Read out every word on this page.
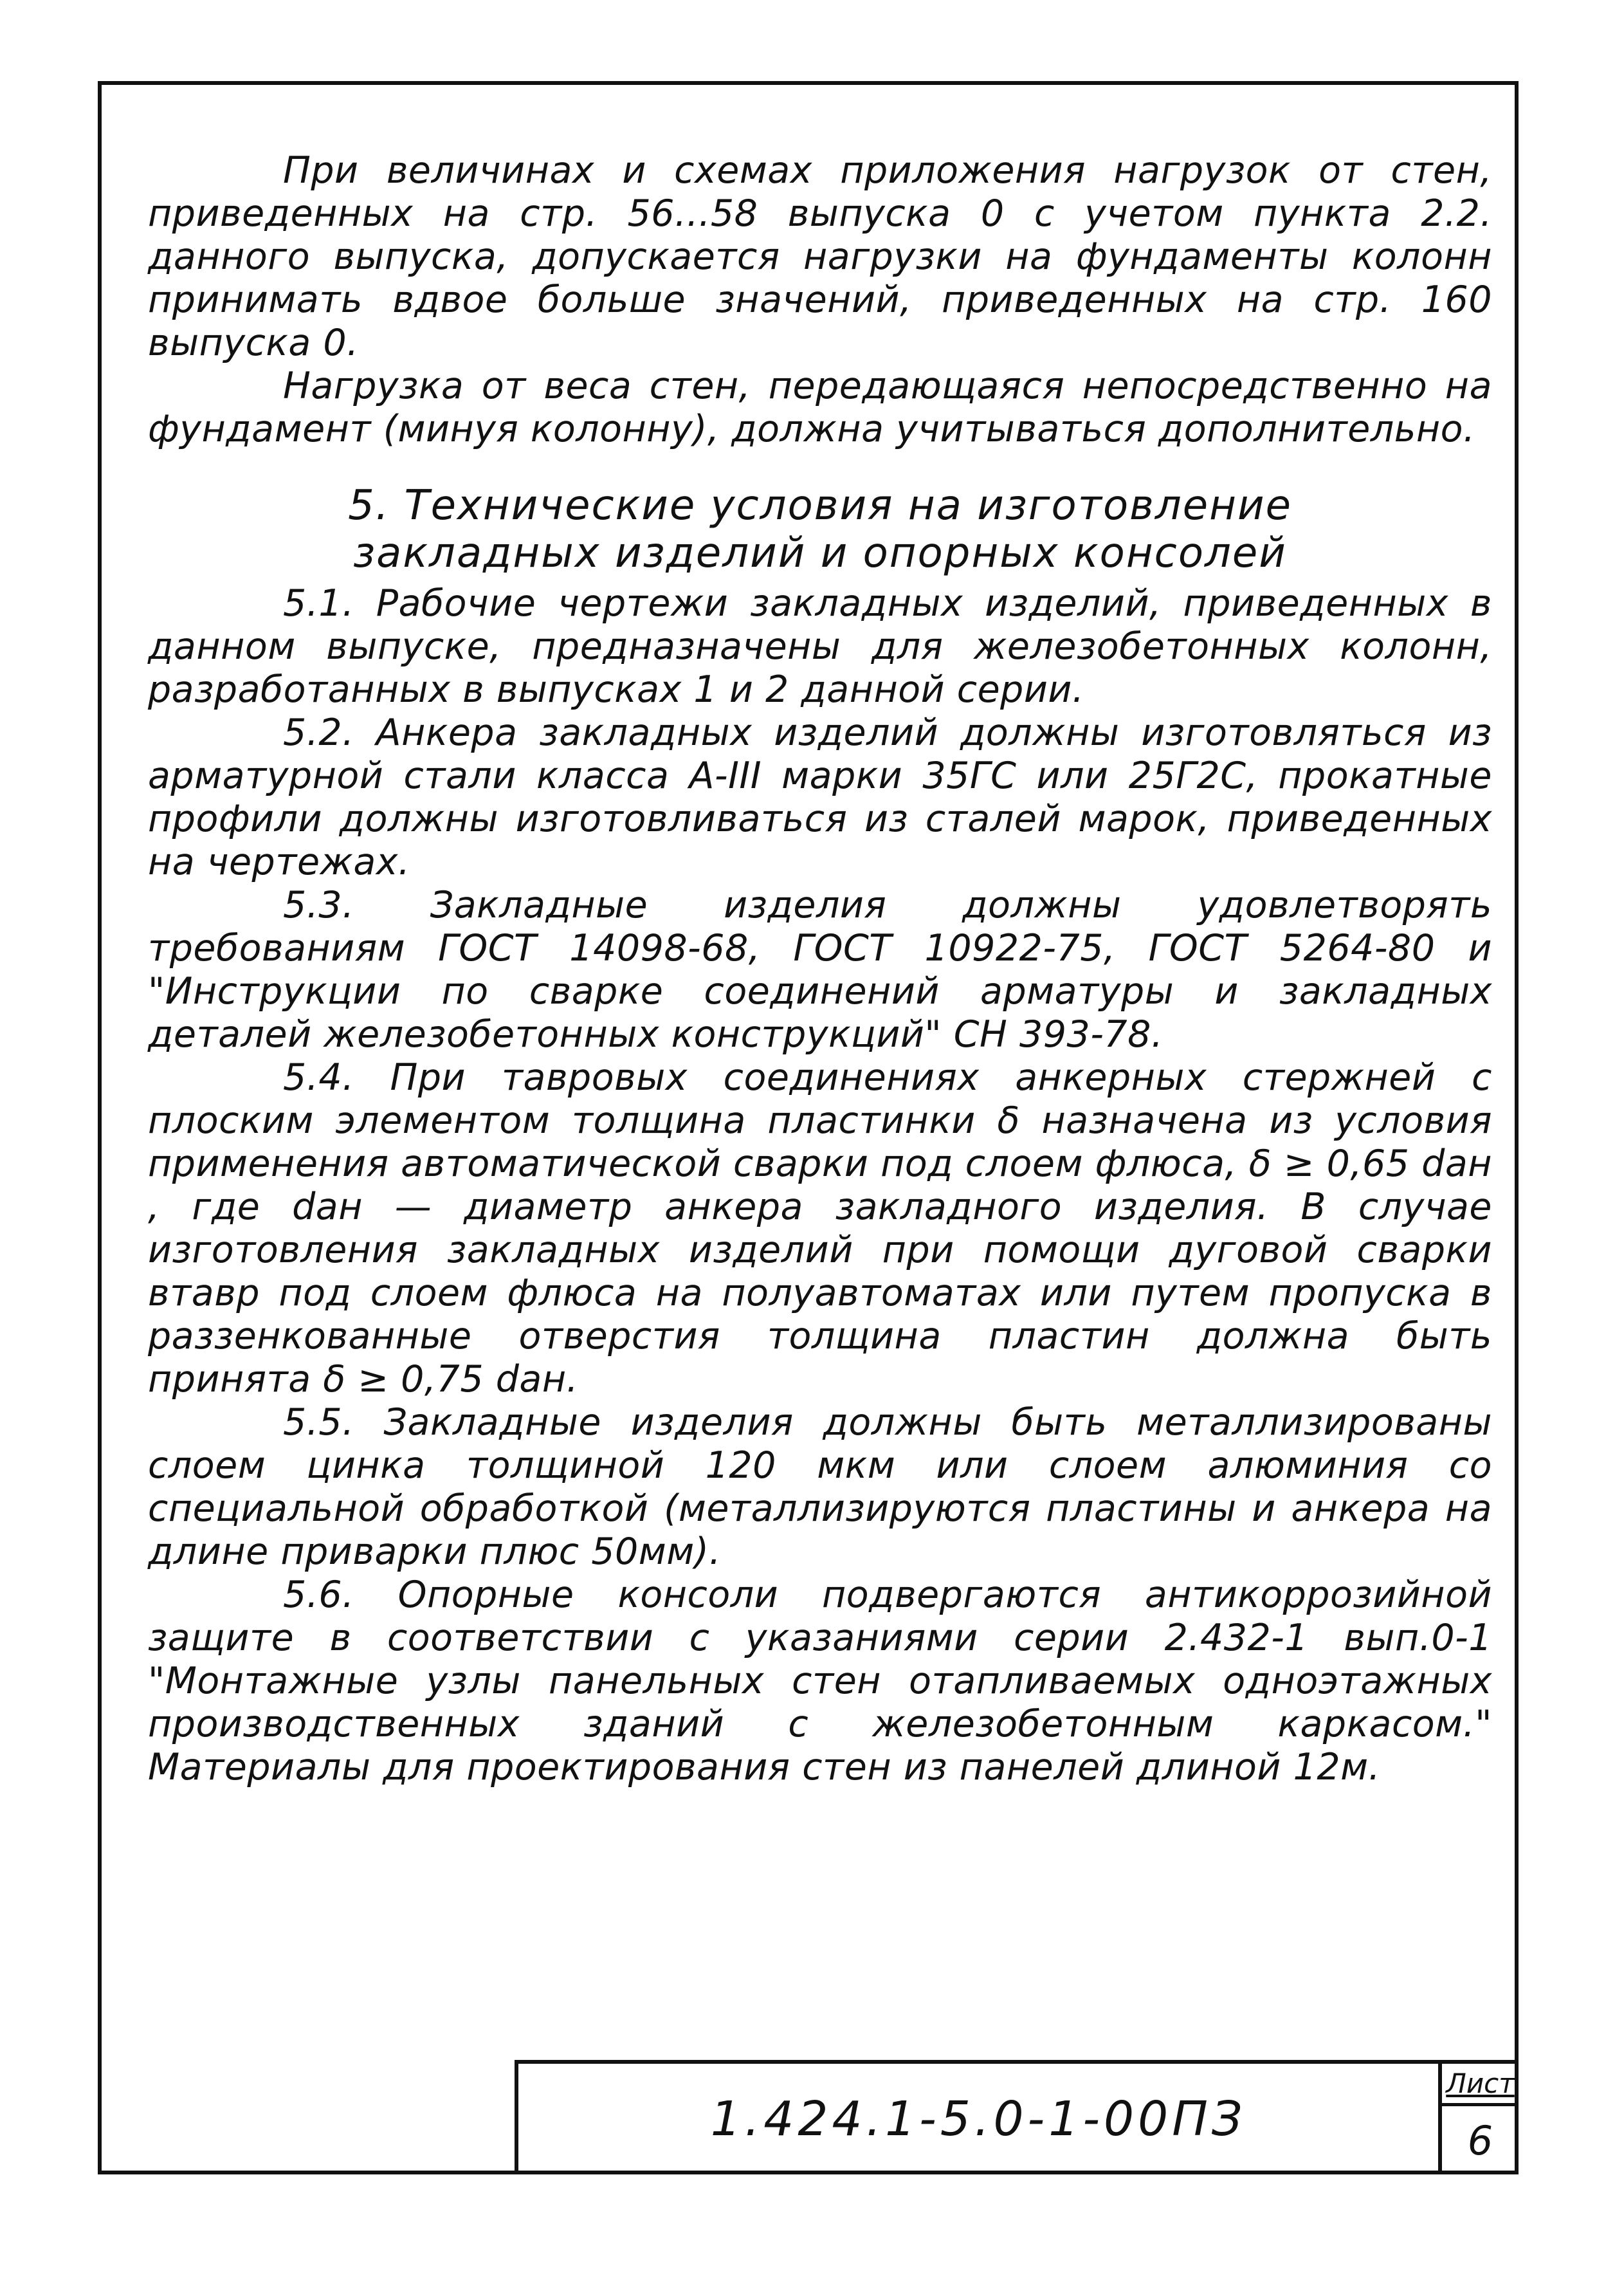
При величинах и схемах приложения нагрузок от стен, приведенных на стр. 56...58 выпуска 0 с учетом пункта 2.2. данного выпуска, допускается нагрузки на фундаменты колонн принимать вдвое больше значений, приведенных на стр. 160 выпуска 0.

Нагрузка от веса стен, передающаяся непосредственно на фундамент (минуя колонну), должна учитываться дополнительно.

5. Технические условия на изготовление
закладных изделий и опорных консолей

5.1. Рабочие чертежи закладных изделий, приведенных в данном выпуске, предназначены для железобетонных колонн, разработанных в выпусках 1 и 2 данной серии.

5.2. Анкера закладных изделий должны изготовляться из арматурной стали класса А-III марки 35ГС или 25Г2С, прокатные профили должны изготовливаться из сталей марок, приведенных на чертежах.

5.3. Закладные изделия должны удовлетворять требованиям ГОСТ 14098-68, ГОСТ 10922-75, ГОСТ 5264-80 и "Инструкции по сварке соединений арматуры и закладных деталей железобетонных конструкций" СН 393-78.

5.4. При тавровых соединениях анкерных стержней с плоским элементом толщина пластинки δ назначена из условия применения автоматической сварки под слоем флюса, δ ≥ 0,65 dан , где dан — диаметр анкера закладного изделия. В случае изготовления закладных изделий при помощи дуговой сварки втавр под слоем флюса на полуавтоматах или путем пропуска в раззенкованные отверстия толщина пластин должна быть принята δ ≥ 0,75 dан.

5.5. Закладные изделия должны быть металлизированы слоем цинка толщиной 120 мкм или слоем алюминия со специальной обработкой (металлизируются пластины и анкера на длине приварки плюс 50мм).

5.6. Опорные консоли подвергаются антикоррозийной защите в соответствии с указаниями серии 2.432-1 вып.0-1 "Монтажные узлы панельных стен отапливаемых одноэтажных производственных зданий с железобетонным каркасом." Материалы для проектирования стен из панелей длиной 12м.

1.424.1-5.0-1-00ПЗ
Лист
6
